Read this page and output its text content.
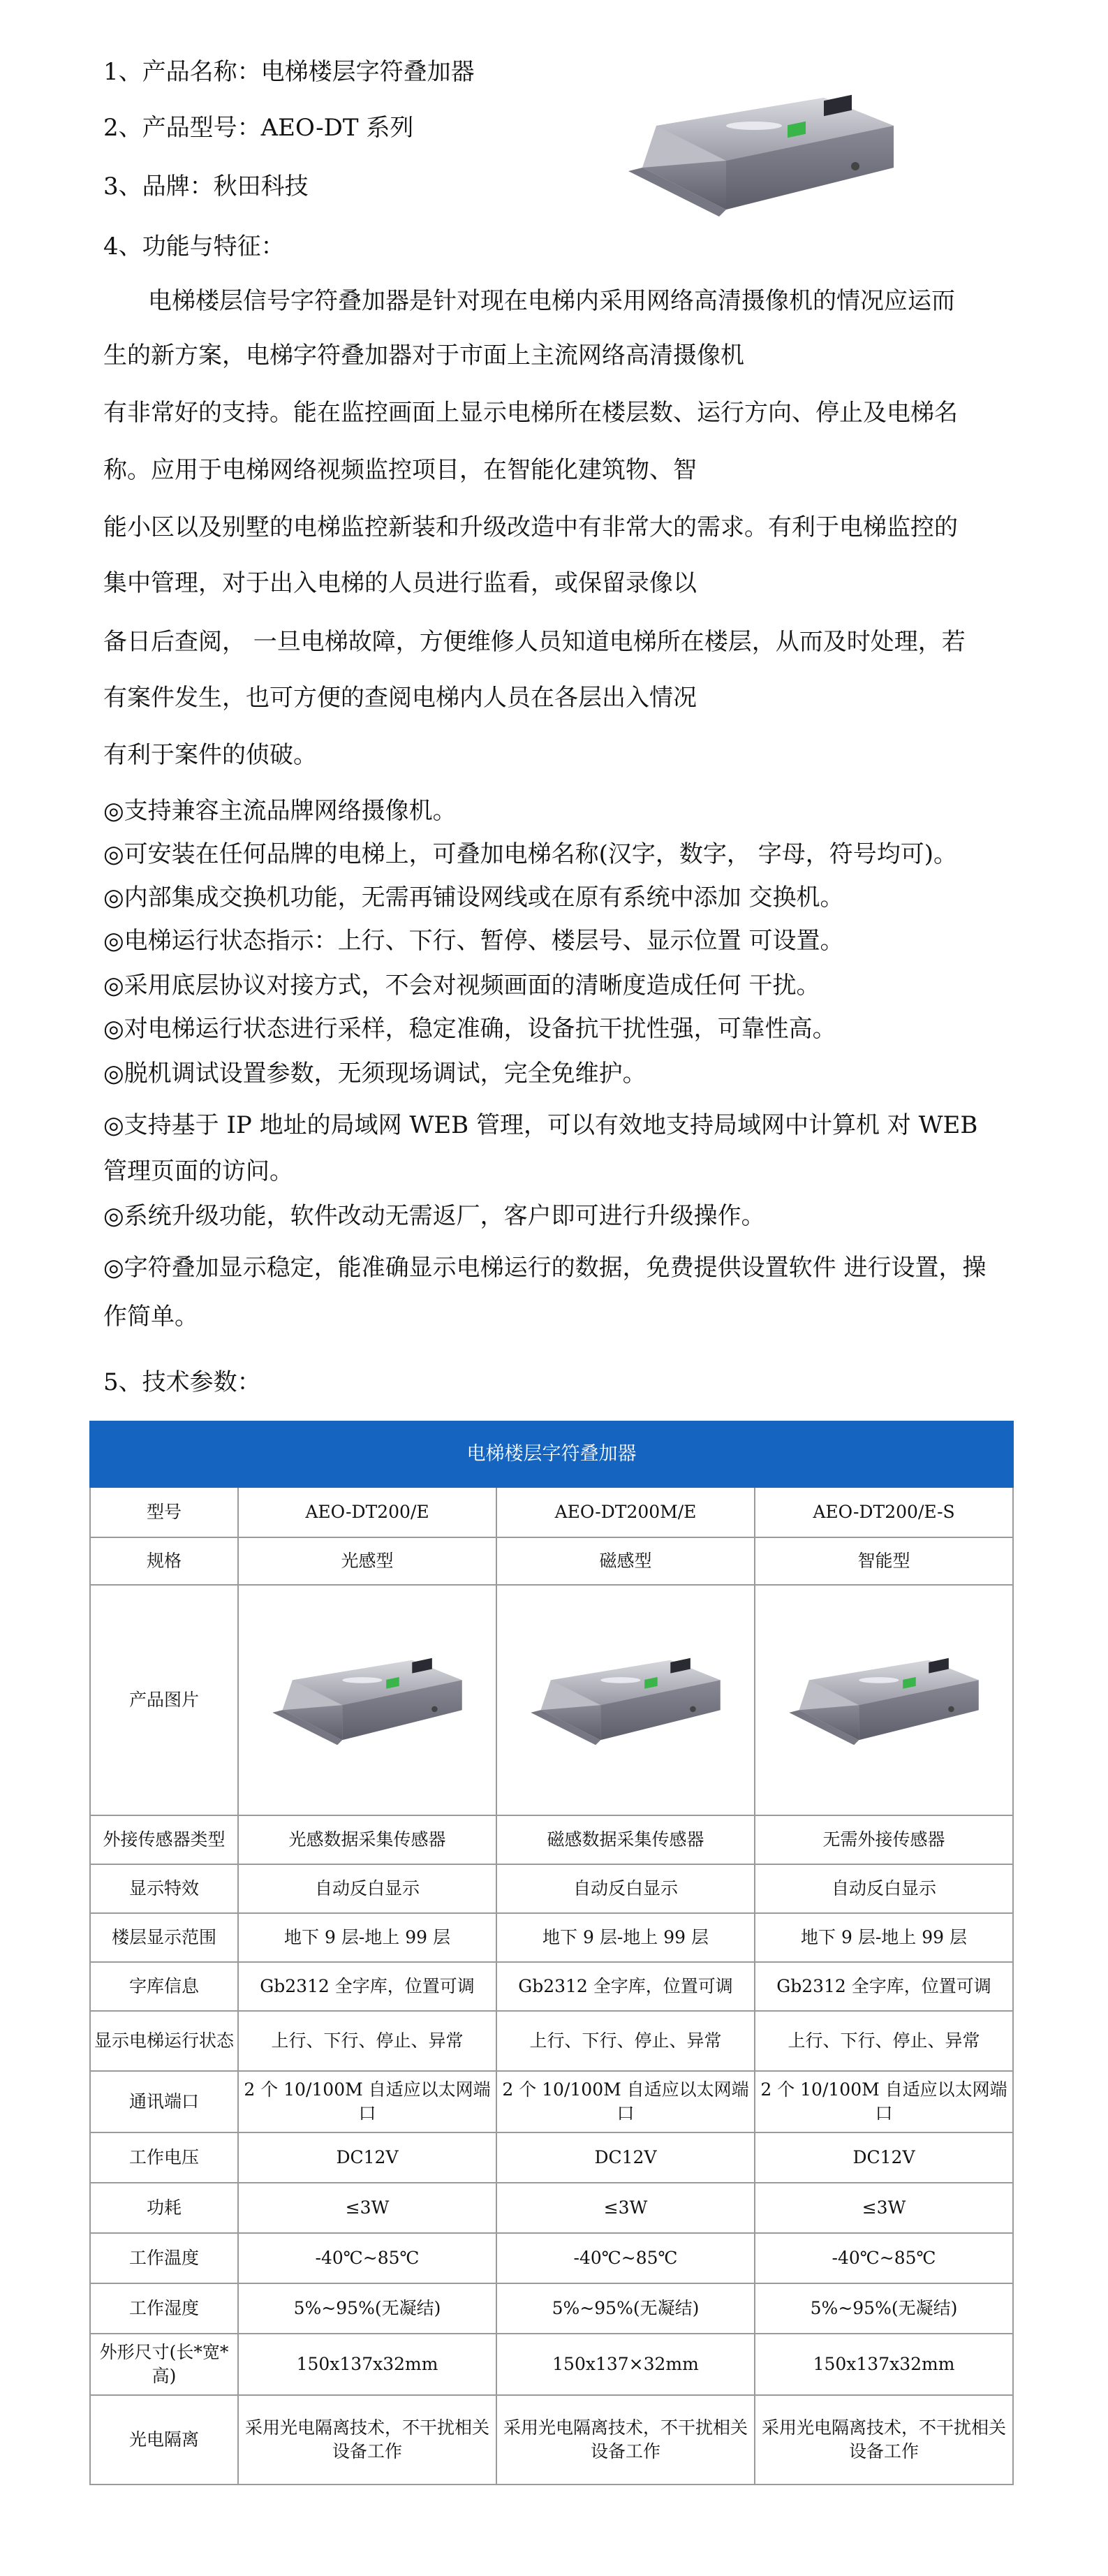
1、产品名称：电梯楼层字符叠加器
2、产品型号：AEO-DT 系列
3、品牌：秋田科技
4、功能与特征：
电梯楼层信号字符叠加器是针对现在电梯内采用网络高清摄像机的情况应运而
生的新方案，电梯字符叠加器对于市面上主流网络高清摄像机
有非常好的支持。能在监控画面上显示电梯所在楼层数、运行方向、停止及电梯名
称。应用于电梯网络视频监控项目，在智能化建筑物、智
能小区以及别墅的电梯监控新装和升级改造中有非常大的需求。有利于电梯监控的
集中管理，对于出入电梯的人员进行监看，或保留录像以
备日后查阅， 一旦电梯故障，方便维修人员知道电梯所在楼层，从而及时处理，若
有案件发生，也可方便的查阅电梯内人员在各层出入情况
有利于案件的侦破。
◎支持兼容主流品牌网络摄像机。
◎可安装在任何品牌的电梯上，可叠加电梯名称(汉字，数字， 字母，符号均可)。
◎内部集成交换机功能，无需再铺设网线或在原有系统中添加 交换机。
◎电梯运行状态指示：上行、下行、暂停、楼层号、显示位置 可设置。
◎采用底层协议对接方式，不会对视频画面的清晰度造成任何 干扰。
◎对电梯运行状态进行采样，稳定准确，设备抗干扰性强，可靠性高。
◎脱机调试设置参数，无须现场调试，完全免维护。
◎支持基于 IP 地址的局域网 WEB 管理，可以有效地支持局域网中计算机 对 WEB 管理页面的访问。
◎系统升级功能，软件改动无需返厂，客户即可进行升级操作。
◎字符叠加显示稳定，能准确显示电梯运行的数据，免费提供设置软件 进行设置，操作简单。
5、技术参数：
电梯楼层字符叠加器			
型号	AEO-DT200/E	AEO-DT200M/E	AEO-DT200/E-S
规格	光感型	磁感型	智能型
产品图片	

外接传感器类型	光感数据采集传感器	磁感数据采集传感器	无需外接传感器
显示特效	自动反白显示	自动反白显示	自动反白显示
楼层显示范围	地下 9 层-地上 99 层	地下 9 层-地上 99 层	地下 9 层-地上 99 层
字库信息	Gb2312 全字库，位置可调	Gb2312 全字库，位置可调	Gb2312 全字库，位置可调
显示电梯运行状态	上行、下行、停止、异常	上行、下行、停止、异常	上行、下行、停止、异常
通讯端口	2 个 10/100M 自适应以太网端口	2 个 10/100M 自适应以太网端口	2 个 10/100M 自适应以太网端口
工作电压	DC12V	DC12V	DC12V
功耗	≤3W	≤3W	≤3W
工作温度	-40℃~85℃	-40℃~85℃	-40℃~85℃
工作湿度	5%~95%(无凝结)	5%~95%(无凝结)	5%~95%(无凝结)
外形尺寸(长*宽*高)	150x137x32mm	150x137×32mm	150x137x32mm
光电隔离	采用光电隔离技术，不干扰相关设备工作	采用光电隔离技术，不干扰相关设备工作	采用光电隔离技术，不干扰相关设备工作
